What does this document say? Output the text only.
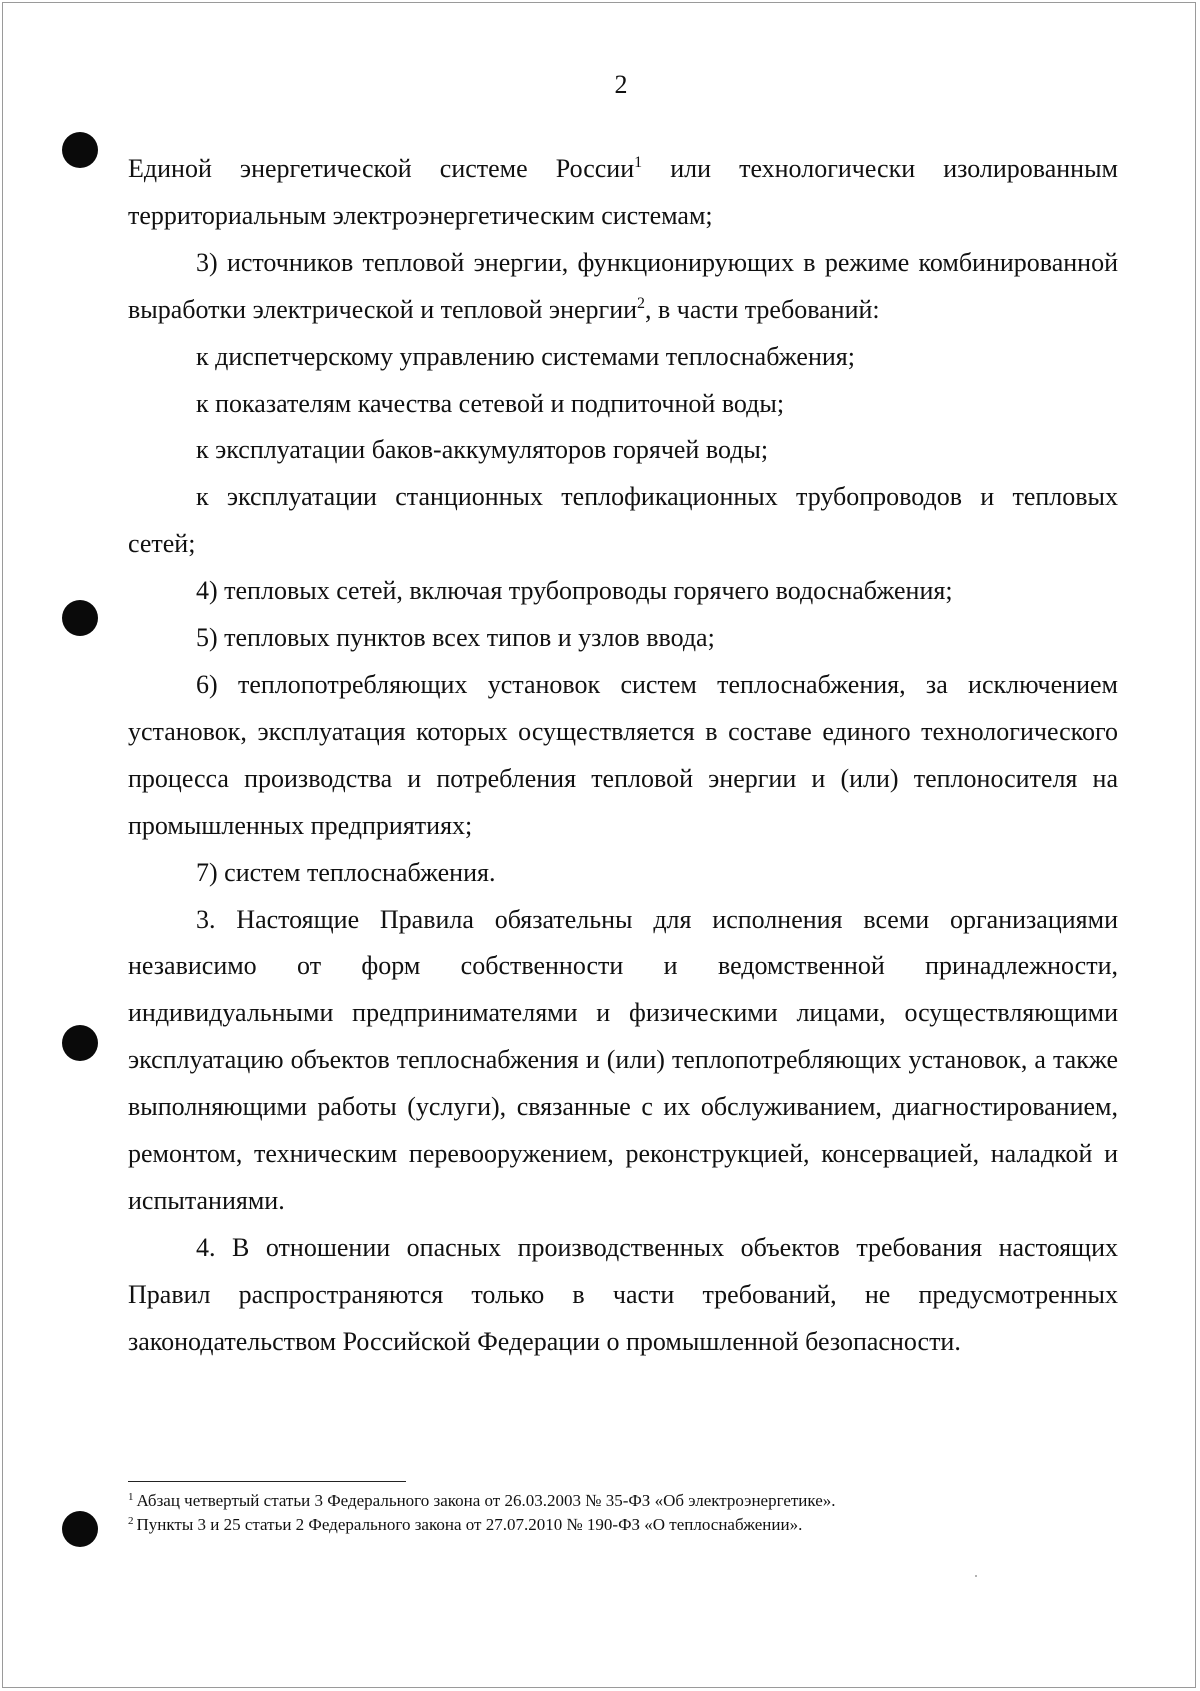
2

Единой энергетической системе России$^1$ или технологически изолированным территориальным электроэнергетическим системам;

3) источников тепловой энергии, функционирующих в режиме комбинированной выработки электрической и тепловой энергии$^2$, в части требований:

к диспетчерскому управлению системами теплоснабжения;

к показателям качества сетевой и подпиточной воды;

к эксплуатации баков-аккумуляторов горячей воды;

к эксплуатации станционных теплофикационных трубопроводов и тепловых сетей;

4) тепловых сетей, включая трубопроводы горячего водоснабжения;

5) тепловых пунктов всех типов и узлов ввода;

6) теплопотребляющих установок систем теплоснабжения, за исключением установок, эксплуатация которых осуществляется в составе единого технологического процесса производства и потребления тепловой энергии и (или) теплоносителя на промышленных предприятиях;

7) систем теплоснабжения.

3. Настоящие Правила обязательны для исполнения всеми организациями независимо от форм собственности и ведомственной принадлежности, индивидуальными предпринимателями и физическими лицами, осуществляющими эксплуатацию объектов теплоснабжения и (или) теплопотребляющих установок, а также выполняющими работы (услуги), связанные с их обслуживанием, диагностированием, ремонтом, техническим перевооружением, реконструкцией, консервацией, наладкой и испытаниями.

4. В отношении опасных производственных объектов требования настоящих Правил распространяются только в части требований, не предусмотренных законодательством Российской Федерации о промышленной безопасности.

$^1$ Абзац четвертый статьи 3 Федерального закона от 26.03.2003 № 35-ФЗ «Об электроэнергетике».

$^2$ Пункты 3 и 25 статьи 2 Федерального закона от 27.07.2010 № 190-ФЗ «О теплоснабжении».
